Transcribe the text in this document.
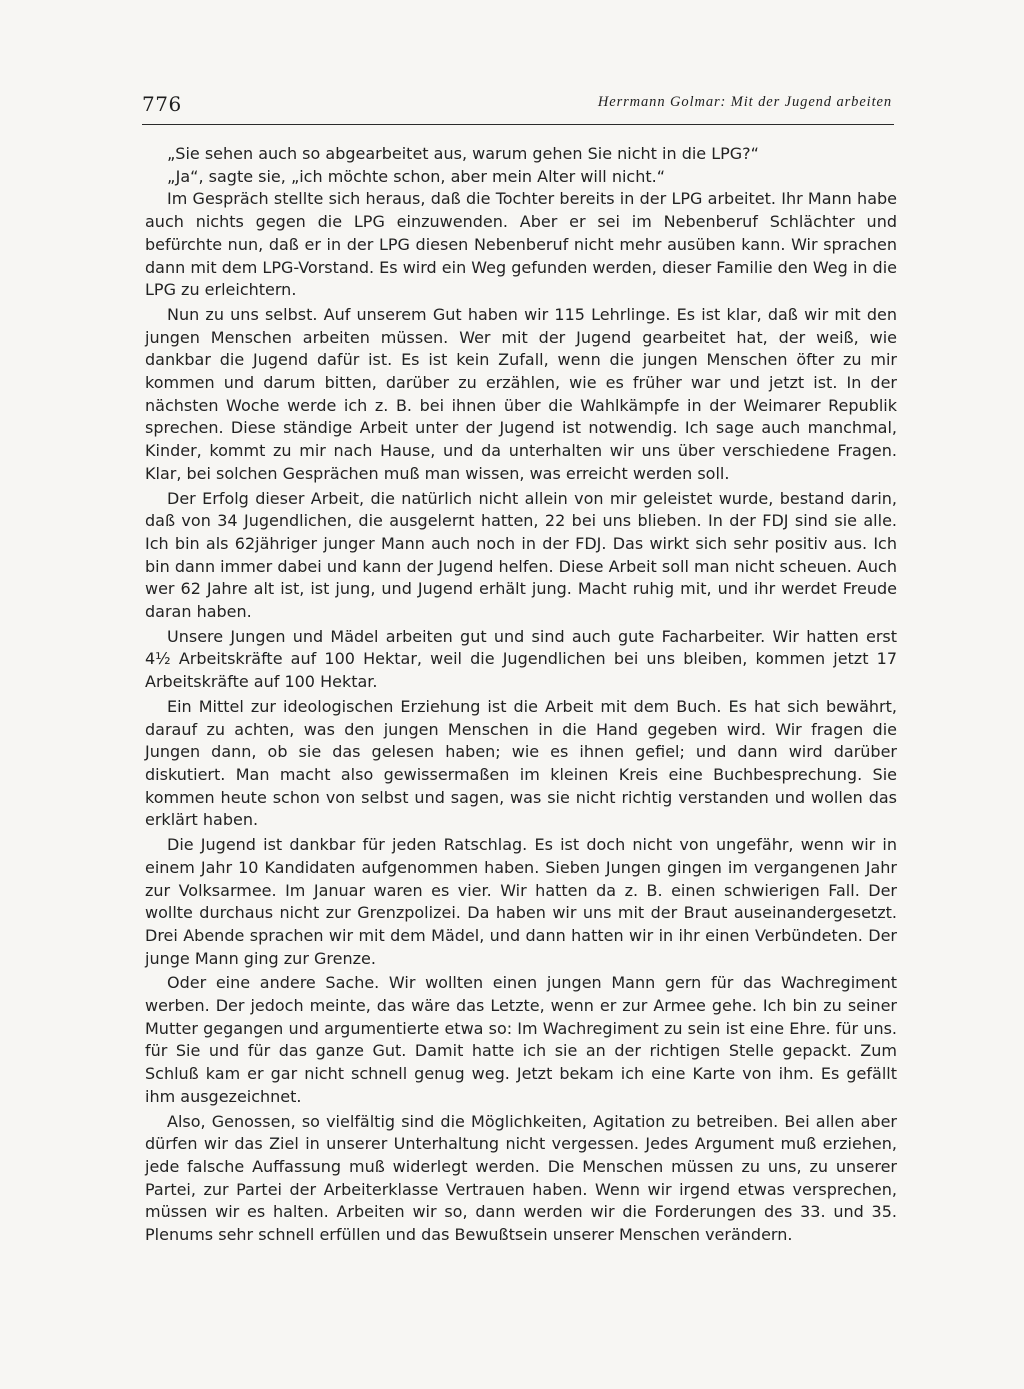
776	Herrmann Golmar: Mit der Jugend arbeiten

„Sie sehen auch so abgearbeitet aus, warum gehen Sie nicht in die LPG?“

„Ja“, sagte sie, „ich möchte schon, aber mein Alter will nicht.“

Im Gespräch stellte sich heraus, daß die Tochter bereits in der LPG arbeitet. Ihr Mann habe auch nichts gegen die LPG einzuwenden. Aber er sei im Nebenberuf Schlächter und befürchte nun, daß er in der LPG diesen Nebenberuf nicht mehr ausüben kann. Wir sprachen dann mit dem LPG-Vorstand. Es wird ein Weg gefunden werden, dieser Familie den Weg in die LPG zu erleichtern.

Nun zu uns selbst. Auf unserem Gut haben wir 115 Lehrlinge. Es ist klar, daß wir mit den jungen Menschen arbeiten müssen. Wer mit der Jugend gearbeitet hat, der weiß, wie dankbar die Jugend dafür ist. Es ist kein Zufall, wenn die jungen Menschen öfter zu mir kommen und darum bitten, darüber zu erzählen, wie es früher war und jetzt ist. In der nächsten Woche werde ich z. B. bei ihnen über die Wahlkämpfe in der Weimarer Republik sprechen. Diese ständige Arbeit unter der Jugend ist notwendig. Ich sage auch manchmal, Kinder, kommt zu mir nach Hause, und da unterhalten wir uns über verschiedene Fragen. Klar, bei solchen Gesprächen muß man wissen, was erreicht werden soll.

Der Erfolg dieser Arbeit, die natürlich nicht allein von mir geleistet wurde, bestand darin, daß von 34 Jugendlichen, die ausgelernt hatten, 22 bei uns blieben. In der FDJ sind sie alle. Ich bin als 62jähriger junger Mann auch noch in der FDJ. Das wirkt sich sehr positiv aus. Ich bin dann immer dabei und kann der Jugend helfen. Diese Arbeit soll man nicht scheuen. Auch wer 62 Jahre alt ist, ist jung, und Jugend erhält jung. Macht ruhig mit, und ihr werdet Freude daran haben.

Unsere Jungen und Mädel arbeiten gut und sind auch gute Facharbeiter. Wir hatten erst 4½ Arbeitskräfte auf 100 Hektar, weil die Jugendlichen bei uns bleiben, kommen jetzt 17 Arbeitskräfte auf 100 Hektar.

Ein Mittel zur ideologischen Erziehung ist die Arbeit mit dem Buch. Es hat sich bewährt, darauf zu achten, was den jungen Menschen in die Hand gegeben wird. Wir fragen die Jungen dann, ob sie das gelesen haben; wie es ihnen gefiel; und dann wird darüber diskutiert. Man macht also gewissermaßen im kleinen Kreis eine Buchbesprechung. Sie kommen heute schon von selbst und sagen, was sie nicht richtig verstanden und wollen das erklärt haben.

Die Jugend ist dankbar für jeden Ratschlag. Es ist doch nicht von ungefähr, wenn wir in einem Jahr 10 Kandidaten aufgenommen haben. Sieben Jungen gingen im vergangenen Jahr zur Volksarmee. Im Januar waren es vier. Wir hatten da z. B. einen schwierigen Fall. Der wollte durchaus nicht zur Grenzpolizei. Da haben wir uns mit der Braut auseinandergesetzt. Drei Abende sprachen wir mit dem Mädel, und dann hatten wir in ihr einen Verbündeten. Der junge Mann ging zur Grenze.

Oder eine andere Sache. Wir wollten einen jungen Mann gern für das Wachregiment werben. Der jedoch meinte, das wäre das Letzte, wenn er zur Armee gehe. Ich bin zu seiner Mutter gegangen und argumentierte etwa so: Im Wachregiment zu sein ist eine Ehre. für uns. für Sie und für das ganze Gut. Damit hatte ich sie an der richtigen Stelle gepackt. Zum Schluß kam er gar nicht schnell genug weg. Jetzt bekam ich eine Karte von ihm. Es gefällt ihm ausgezeichnet.

Also, Genossen, so vielfältig sind die Möglichkeiten, Agitation zu betreiben. Bei allen aber dürfen wir das Ziel in unserer Unterhaltung nicht vergessen. Jedes Argument muß erziehen, jede falsche Auffassung muß widerlegt werden. Die Menschen müssen zu uns, zu unserer Partei, zur Partei der Arbeiterklasse Vertrauen haben. Wenn wir irgend etwas versprechen, müssen wir es halten. Arbeiten wir so, dann werden wir die Forderungen des 33. und 35. Plenums sehr schnell erfüllen und das Bewußtsein unserer Menschen verändern.
